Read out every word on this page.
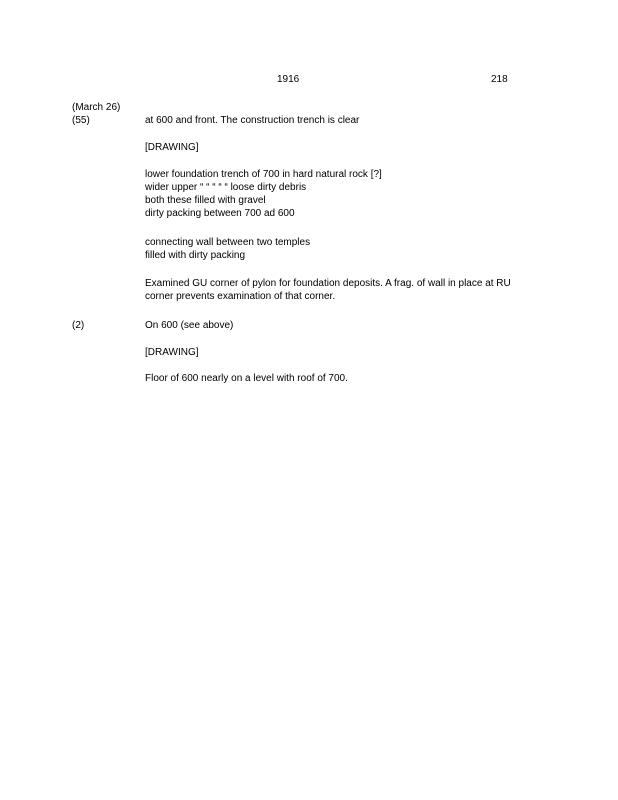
1916	218
(March 26)
(55)	at 600 and front. The construction trench is clear
[DRAWING]
lower foundation trench of 700 in hard natural rock [?]
wider upper “ “ “ “ “ loose dirty debris
both these filled with gravel
dirty packing between 700 ad 600
connecting wall between two temples
filled with dirty packing
Examined GU corner of pylon for foundation deposits. A frag. of wall in place at RU
corner prevents examination of that corner.
(2)	On 600 (see above)
[DRAWING]
Floor of 600 nearly on a level with roof of 700.
